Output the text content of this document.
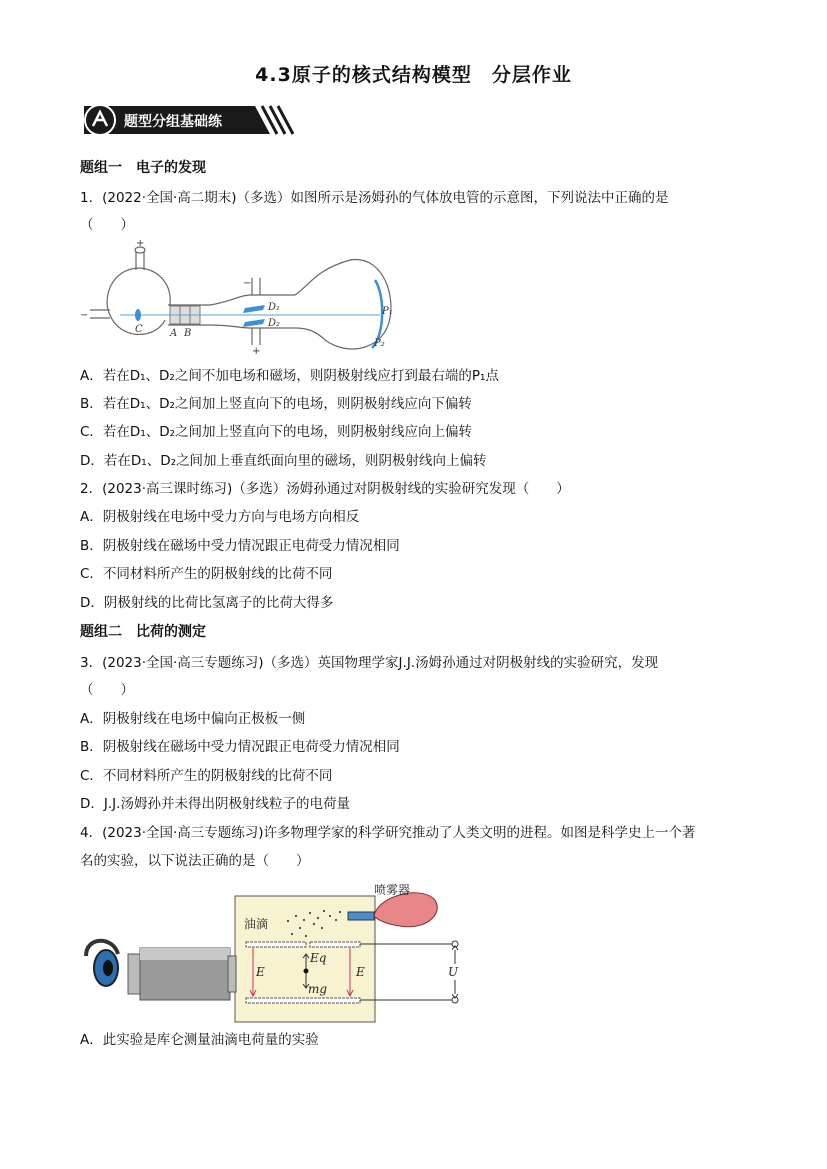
4.3原子的核式结构模型　分层作业
题型分组基础练
题组一　电子的发现
1．(2022·全国·高二期末)（多选）如图所示是汤姆孙的气体放电管的示意图，下列说法中正确的是
（　　）
+
−
−
+
C	A B
D₁
D₂
P₁
P₂
A．若在D₁、D₂之间不加电场和磁场，则阴极射线应打到最右端的P₁点
B．若在D₁、D₂之间加上竖直向下的电场，则阴极射线应向下偏转
C．若在D₁、D₂之间加上竖直向下的电场，则阴极射线应向上偏转
D．若在D₁、D₂之间加上垂直纸面向里的磁场，则阴极射线向上偏转
2．(2023·高三课时练习)（多选）汤姆孙通过对阴极射线的实验研究发现（　　）
A．阴极射线在电场中受力方向与电场方向相反
B．阴极射线在磁场中受力情况跟正电荷受力情况相同
C．不同材料所产生的阴极射线的比荷不同
D．阴极射线的比荷比氢离子的比荷大得多
题组二　比荷的测定
3．(2023·全国·高三专题练习)（多选）英国物理学家J.J.汤姆孙通过对阴极射线的实验研究，发现
（　　）
A．阴极射线在电场中偏向正极板一侧
B．阴极射线在磁场中受力情况跟正电荷受力情况相同
C．不同材料所产生的阴极射线的比荷不同
D．J.J.汤姆孙并未得出阴极射线粒子的电荷量
4．(2023·全国·高三专题练习)许多物理学家的科学研究推动了人类文明的进程。如图是科学史上一个著
名的实验，以下说法正确的是（　　）
喷雾器
油滴
Eq
mg
E	E	U
A．此实验是库仑测量油滴电荷量的实验
